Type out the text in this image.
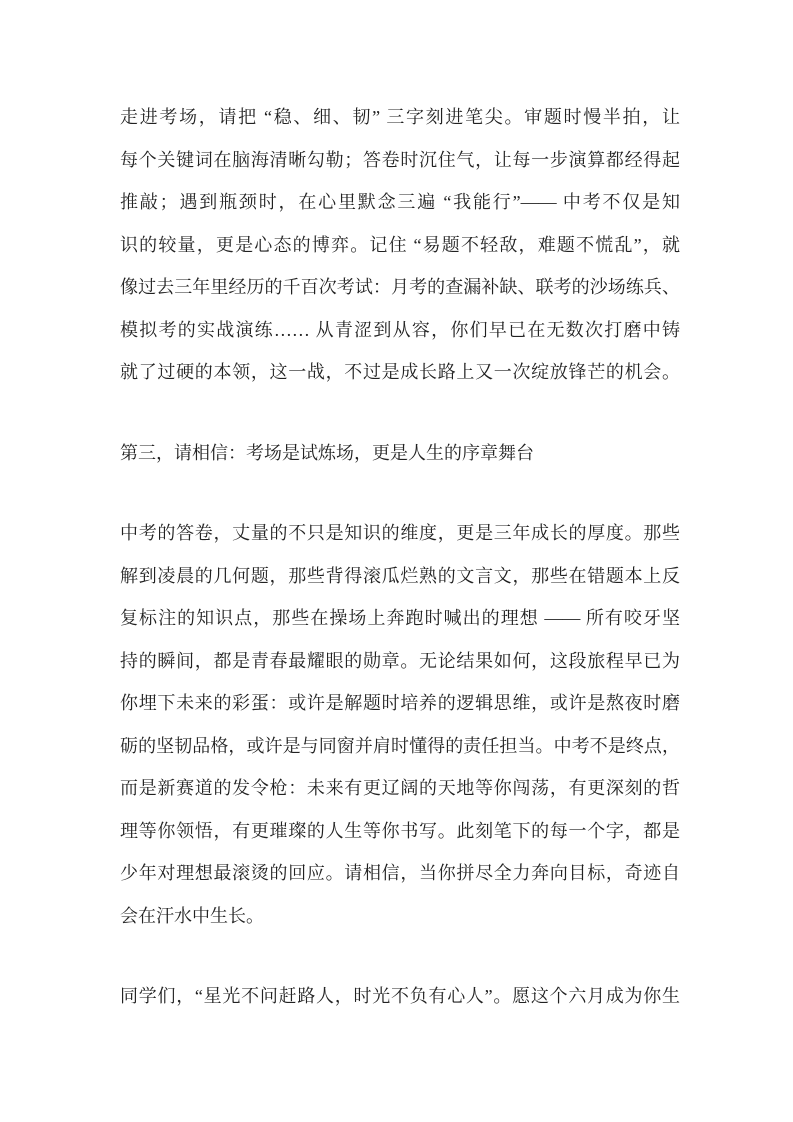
走进考场，请把 “稳、细、韧” 三字刻进笔尖。审题时慢半拍，让
每个关键词在脑海清晰勾勒；答卷时沉住气，让每一步演算都经得起
推敲；遇到瓶颈时，在心里默念三遍 “我能行”—— 中考不仅是知
识的较量，更是心态的博弈。记住 “易题不轻敌，难题不慌乱”，就
像过去三年里经历的千百次考试：月考的查漏补缺、联考的沙场练兵、
模拟考的实战演练…… 从青涩到从容，你们早已在无数次打磨中铸
就了过硬的本领，这一战，不过是成长路上又一次绽放锋芒的机会。
第三，请相信：考场是试炼场，更是人生的序章舞台
中考的答卷，丈量的不只是知识的维度，更是三年成长的厚度。那些
解到凌晨的几何题，那些背得滚瓜烂熟的文言文，那些在错题本上反
复标注的知识点，那些在操场上奔跑时喊出的理想 —— 所有咬牙坚
持的瞬间，都是青春最耀眼的勋章。无论结果如何，这段旅程早已为
你埋下未来的彩蛋：或许是解题时培养的逻辑思维，或许是熬夜时磨
砺的坚韧品格，或许是与同窗并肩时懂得的责任担当。中考不是终点，
而是新赛道的发令枪：未来有更辽阔的天地等你闯荡，有更深刻的哲
理等你领悟，有更璀璨的人生等你书写。此刻笔下的每一个字，都是
少年对理想最滚烫的回应。请相信，当你拼尽全力奔向目标，奇迹自
会在汗水中生长。
同学们，“星光不问赶路人，时光不负有心人”。愿这个六月成为你生
